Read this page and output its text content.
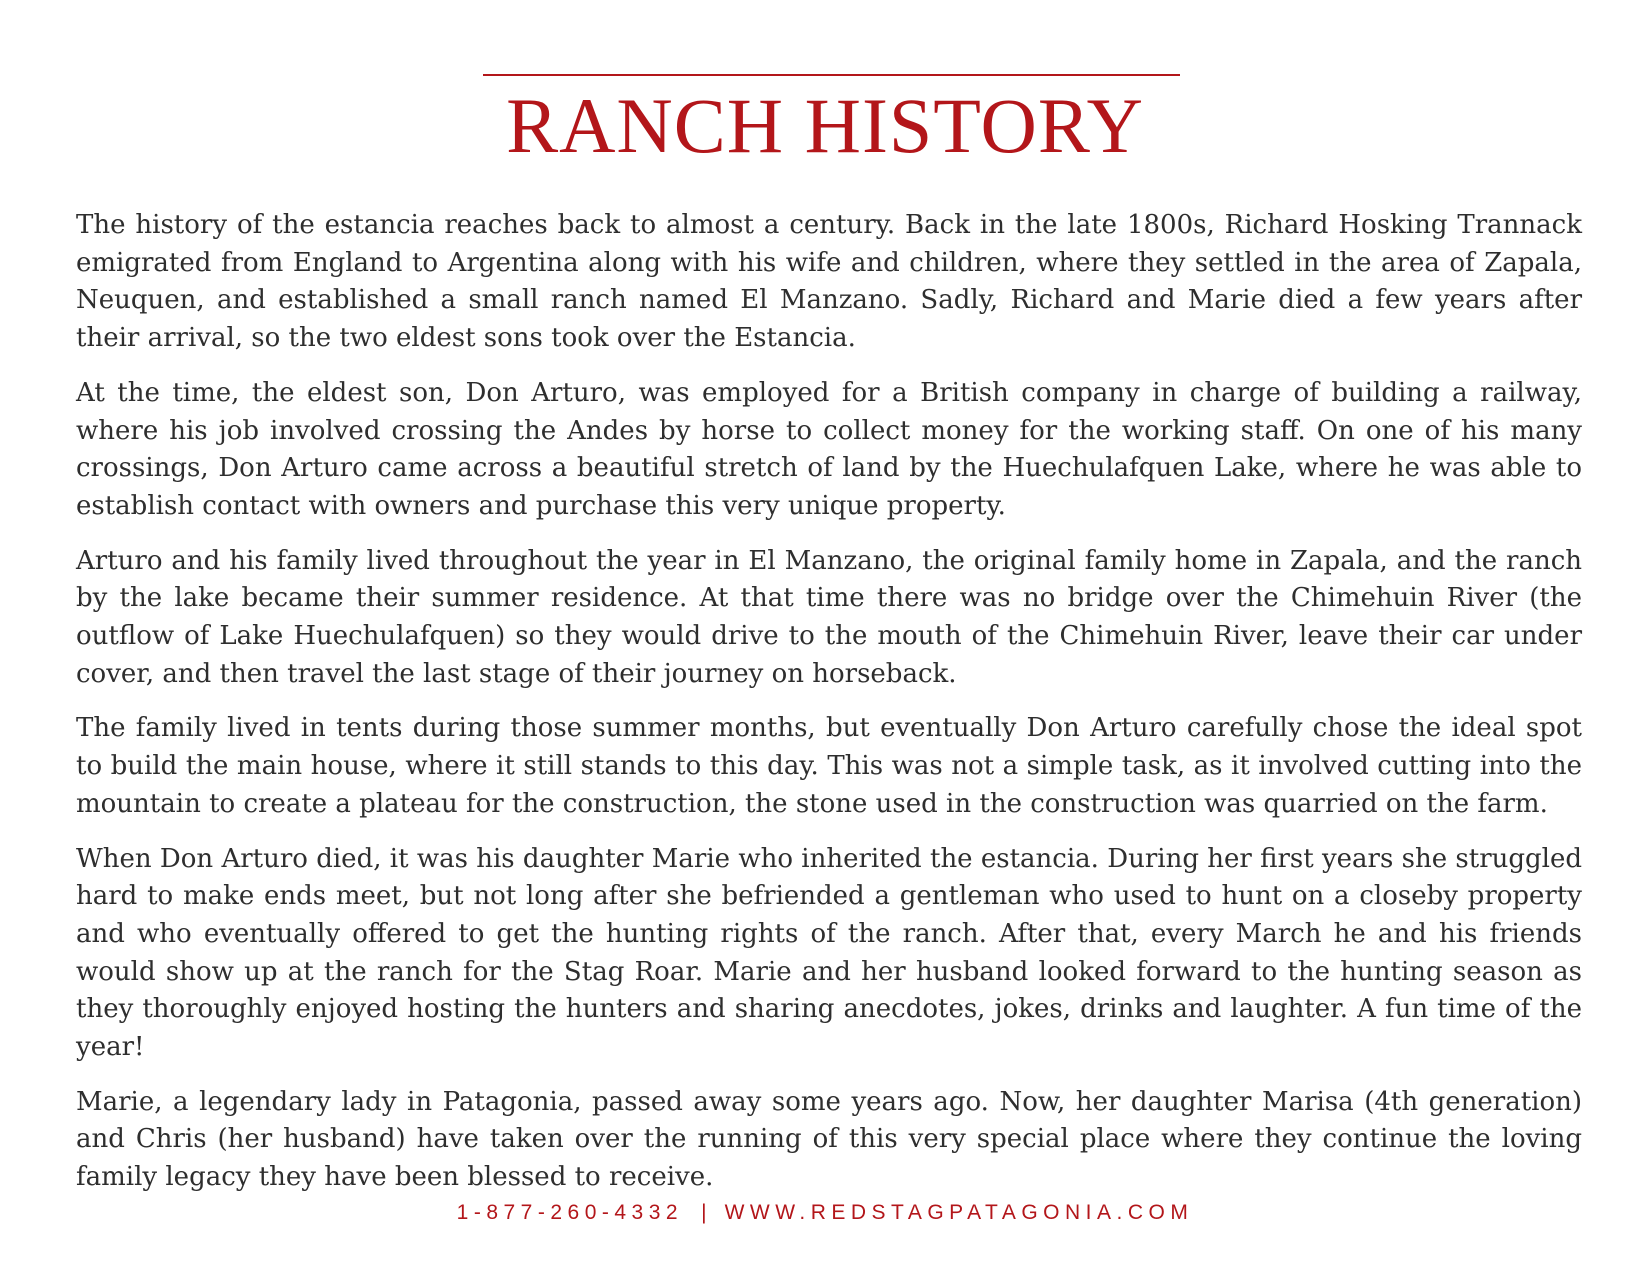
RANCH HISTORY

The history of the estancia reaches back to almost a century. Back in the late 1800s, Richard Hosking Trannack emigrated from England to Argentina along with his wife and children, where they settled in the area of Zapala, Neuquen, and established a small ranch named El Manzano. Sadly, Richard and Marie died a few years after their arrival, so the two eldest sons took over the Estancia.

At the time, the eldest son, Don Arturo, was employed for a British company in charge of building a railway, where his job involved crossing the Andes by horse to collect money for the working staff. On one of his many crossings, Don Arturo came across a beautiful stretch of land by the Huechulafquen Lake, where he was able to establish contact with owners and purchase this very unique property.

Arturo and his family lived throughout the year in El Manzano, the original family home in Zapala, and the ranch by the lake became their summer residence. At that time there was no bridge over the Chimehuin River (the outflow of Lake Huechulafquen) so they would drive to the mouth of the Chimehuin River, leave their car under cover, and then travel the last stage of their journey on horseback.

The family lived in tents during those summer months, but eventually Don Arturo carefully chose the ideal spot to build the main house, where it still stands to this day. This was not a simple task, as it involved cutting into the mountain to create a plateau for the construction, the stone used in the construction was quarried on the farm.

When Don Arturo died, it was his daughter Marie who inherited the estancia. During her first years she struggled hard to make ends meet, but not long after she befriended a gentleman who used to hunt on a closeby property and who eventually offered to get the hunting rights of the ranch. After that, every March he and his friends would show up at the ranch for the Stag Roar. Marie and her husband looked forward to the hunting season as they thoroughly enjoyed hosting the hunters and sharing anecdotes, jokes, drinks and laughter. A fun time of the year!

Marie, a legendary lady in Patagonia, passed away some years ago. Now, her daughter Marisa (4th generation) and Chris (her husband) have taken over the running of this very special place where they continue the loving family legacy they have been blessed to receive.

1-877-260-4332 | WWW.REDSTAGPATAGONIA.COM
